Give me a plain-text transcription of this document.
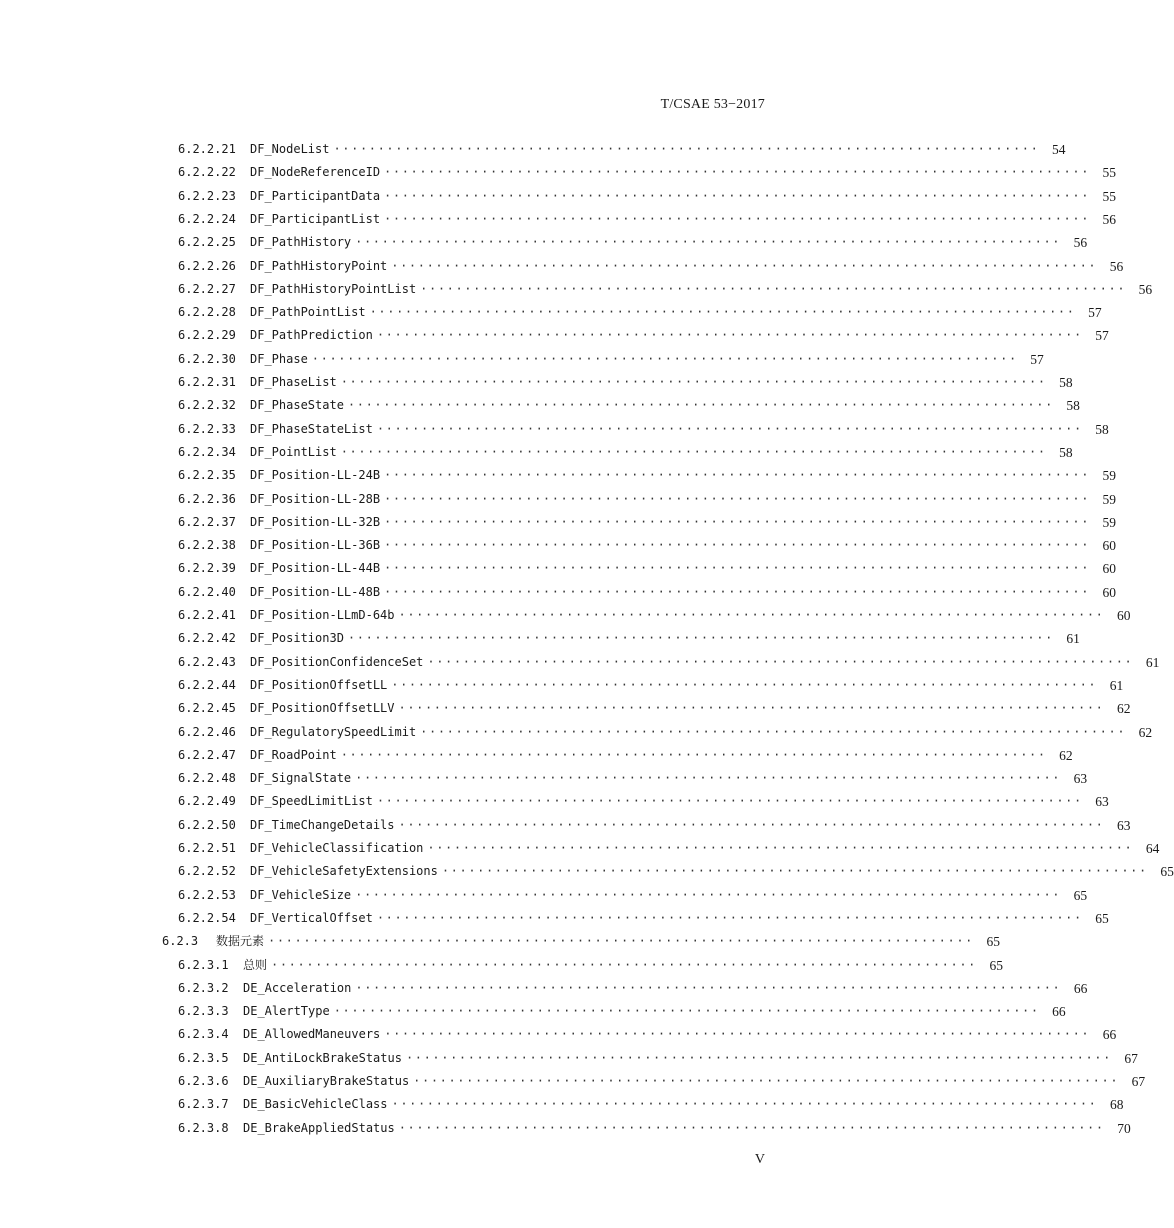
T/CSAE 53−2017
6.2.2.21	DF_NodeList ················································································ 54
6.2.2.22	DF_NodeReferenceID ················································································ 55
6.2.2.23	DF_ParticipantData ················································································ 55
6.2.2.24	DF_ParticipantList ················································································ 56
6.2.2.25	DF_PathHistory ················································································ 56
6.2.2.26	DF_PathHistoryPoint ················································································ 56
6.2.2.27	DF_PathHistoryPointList ················································································ 56
6.2.2.28	DF_PathPointList ················································································ 57
6.2.2.29	DF_PathPrediction ················································································ 57
6.2.2.30	DF_Phase ················································································ 57
6.2.2.31	DF_PhaseList ················································································ 58
6.2.2.32	DF_PhaseState ················································································ 58
6.2.2.33	DF_PhaseStateList ················································································ 58
6.2.2.34	DF_PointList ················································································ 58
6.2.2.35	DF_Position-LL-24B ················································································ 59
6.2.2.36	DF_Position-LL-28B ················································································ 59
6.2.2.37	DF_Position-LL-32B ················································································ 59
6.2.2.38	DF_Position-LL-36B ················································································ 60
6.2.2.39	DF_Position-LL-44B ················································································ 60
6.2.2.40	DF_Position-LL-48B ················································································ 60
6.2.2.41	DF_Position-LLmD-64b ················································································ 60
6.2.2.42	DF_Position3D ················································································ 61
6.2.2.43	DF_PositionConfidenceSet ················································································ 61
6.2.2.44	DF_PositionOffsetLL ················································································ 61
6.2.2.45	DF_PositionOffsetLLV ················································································ 62
6.2.2.46	DF_RegulatorySpeedLimit ················································································ 62
6.2.2.47	DF_RoadPoint ················································································ 62
6.2.2.48	DF_SignalState ················································································ 63
6.2.2.49	DF_SpeedLimitList ················································································ 63
6.2.2.50	DF_TimeChangeDetails ················································································ 63
6.2.2.51	DF_VehicleClassification ················································································ 64
6.2.2.52	DF_VehicleSafetyExtensions ················································································ 65
6.2.2.53	DF_VehicleSize ················································································ 65
6.2.2.54	DF_VerticalOffset ················································································ 65
6.2.3	数据元素 ················································································ 65
6.2.3.1	总则 ················································································ 65
6.2.3.2	DE_Acceleration ················································································ 66
6.2.3.3	DE_AlertType ················································································ 66
6.2.3.4	DE_AllowedManeuvers ················································································ 66
6.2.3.5	DE_AntiLockBrakeStatus ················································································ 67
6.2.3.6	DE_AuxiliaryBrakeStatus ················································································ 67
6.2.3.7	DE_BasicVehicleClass ················································································ 68
6.2.3.8	DE_BrakeAppliedStatus ················································································ 70
V
